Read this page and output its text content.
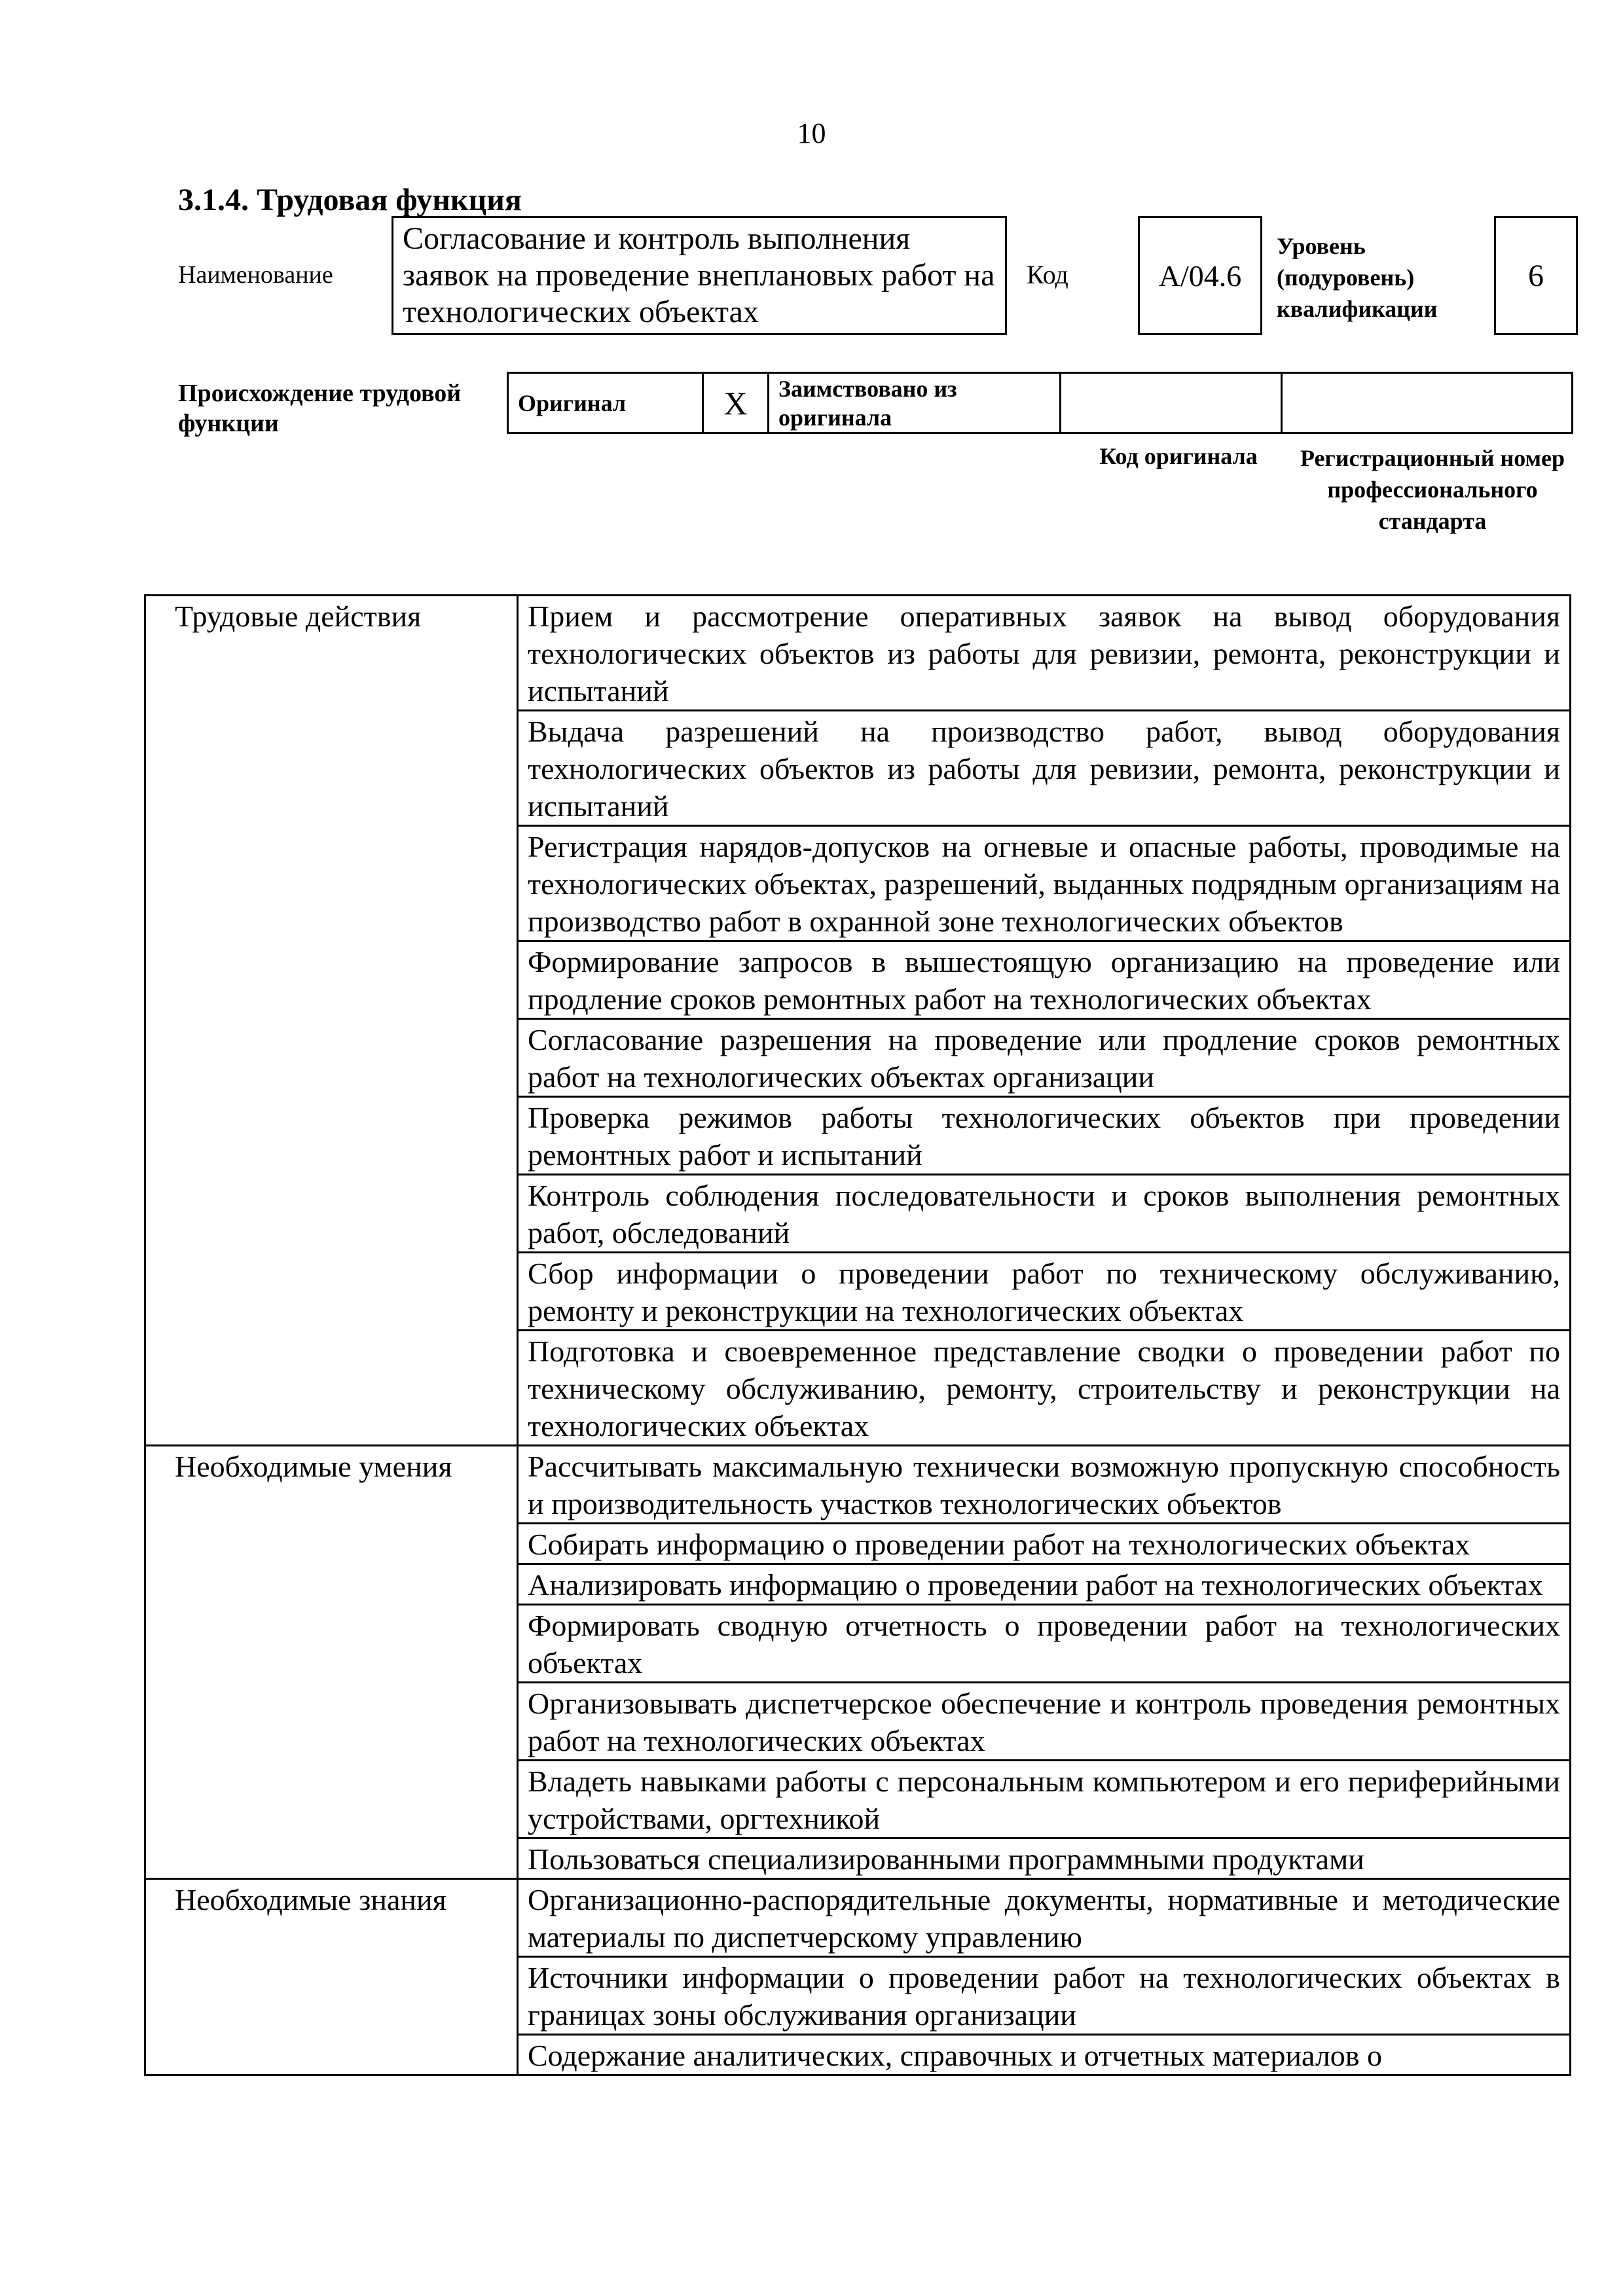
10
3.1.4. Трудовая функция
Наименование
Согласование и контроль выполнения заявок на проведение внеплановых работ на технологических объектах
Код	А/04.6
Уровень
(подуровень)
квалификации
6
Происхождение трудовой
функции
Оригинал	Х	Заимствовано из оригинала		
Код оригинала	Регистрационный номер профессионального стандарта
Трудовые действия	Прием и рассмотрение оперативных заявок на вывод оборудования технологических объектов из работы для ревизии, ремонта, реконструкции и испытаний
	Выдача разрешений на производство работ, вывод оборудования технологических объектов из работы для ревизии, ремонта, реконструкции и испытаний
	Регистрация нарядов-допусков на огневые и опасные работы, проводимые на технологических объектах, разрешений, выданных подрядным организациям на производство работ в охранной зоне технологических объектов
	Формирование запросов в вышестоящую организацию на проведение или продление сроков ремонтных работ на технологических объектах
	Согласование разрешения на проведение или продление сроков ремонтных работ на технологических объектах организации
	Проверка режимов работы технологических объектов при проведении ремонтных работ и испытаний
	Контроль соблюдения последовательности и сроков выполнения ремонтных работ, обследований
	Сбор информации о проведении работ по техническому обслуживанию, ремонту и реконструкции на технологических объектах
	Подготовка и своевременное представление сводки о проведении работ по техническому обслуживанию, ремонту, строительству и реконструкции на технологических объектах
Необходимые умения	Рассчитывать максимальную технически возможную пропускную способность и производительность участков технологических объектов
	Собирать информацию о проведении работ на технологических объектах
	Анализировать информацию о проведении работ на технологических объектах
	Формировать сводную отчетность о проведении работ на технологических объектах
	Организовывать диспетчерское обеспечение и контроль проведения ремонтных работ на технологических объектах
	Владеть навыками работы с персональным компьютером и его периферийными устройствами, оргтехникой
	Пользоваться специализированными программными продуктами
Необходимые знания	Организационно-распорядительные документы, нормативные и методические материалы по диспетчерскому управлению
	Источники информации о проведении работ на технологических объектах в границах зоны обслуживания организации
	Содержание аналитических, справочных и отчетных материалов о
